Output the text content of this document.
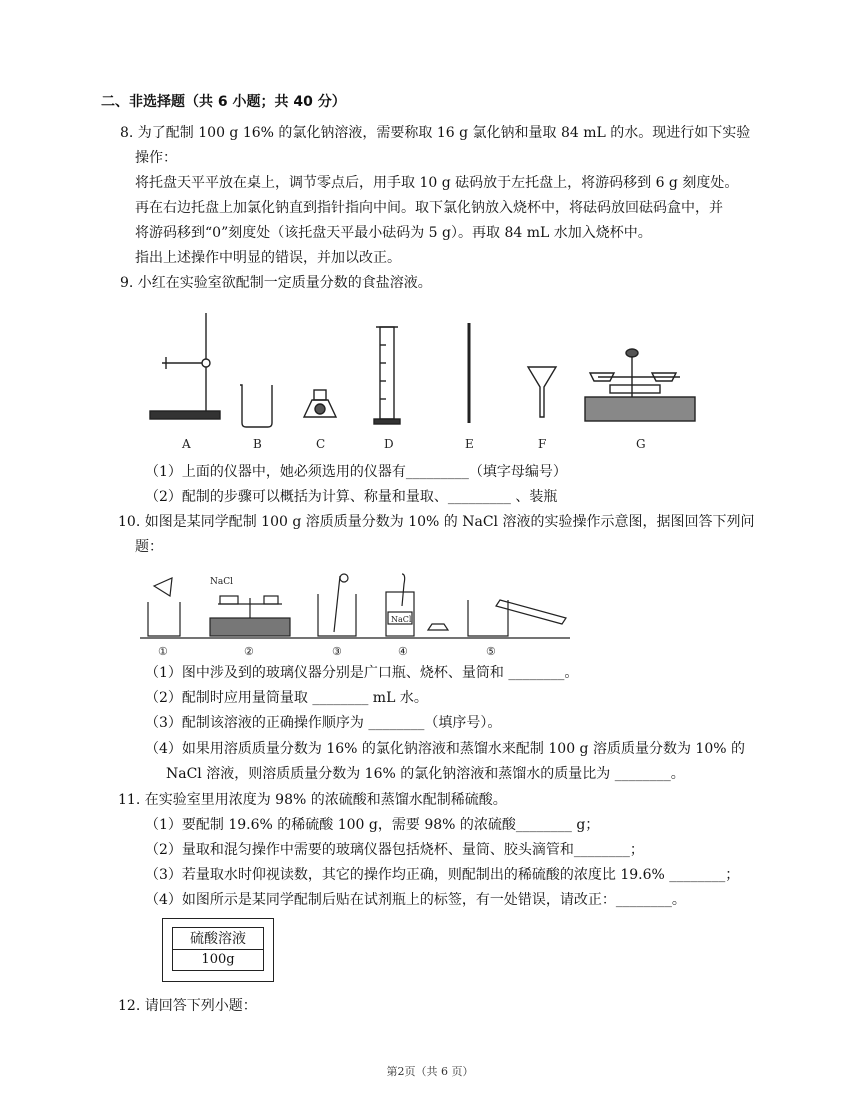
二、非选择题（共 6 小题；共 40 分）
8. 为了配制 100 g 16% 的氯化钠溶液，需要称取 16 g 氯化钠和量取 84 mL 的水。现进行如下实验
操作：
将托盘天平平放在桌上，调节零点后，用手取 10 g 砝码放于左托盘上，将游码移到 6 g 刻度处。
再在右边托盘上加氯化钠直到指针指向中间。取下氯化钠放入烧杯中，将砝码放回砝码盒中，并
将游码移到“0”刻度处（该托盘天平最小砝码为 5 g）。再取 84 mL 水加入烧杯中。
指出上述操作中明显的错误，并加以改正。
9. 小红在实验室欲配制一定质量分数的食盐溶液。
A	B	C	D	E	F	G
（1）上面的仪器中，她必须选用的仪器有_________（填字母编号）
（2）配制的步骤可以概括为计算、称量和量取、_________ 、装瓶
10. 如图是某同学配制 100 g 溶质质量分数为 10% 的 NaCl 溶液的实验操作示意图，据图回答下列问
题：
NaCl
NaCl
①	②	③	④	⑤
（1）图中涉及到的玻璃仪器分别是广口瓶、烧杯、量筒和 ________。
（2）配制时应用量筒量取 ________ mL 水。
（3）配制该溶液的正确操作顺序为 ________（填序号）。
（4）如果用溶质质量分数为 16% 的氯化钠溶液和蒸馏水来配制 100 g 溶质质量分数为 10% 的
NaCl 溶液，则溶质质量分数为 16% 的氯化钠溶液和蒸馏水的质量比为 ________。
11. 在实验室里用浓度为 98% 的浓硫酸和蒸馏水配制稀硫酸。
（1）要配制 19.6% 的稀硫酸 100 g，需要 98% 的浓硫酸________ g；
（2）量取和混匀操作中需要的玻璃仪器包括烧杯、量筒、胶头滴管和________；
（3）若量取水时仰视读数，其它的操作均正确，则配制出的稀硫酸的浓度比 19.6% ________；
（4）如图所示是某同学配制后贴在试剂瓶上的标签，有一处错误，请改正：________。
硫酸溶液
100g
12. 请回答下列小题：
第2页（共 6 页）
